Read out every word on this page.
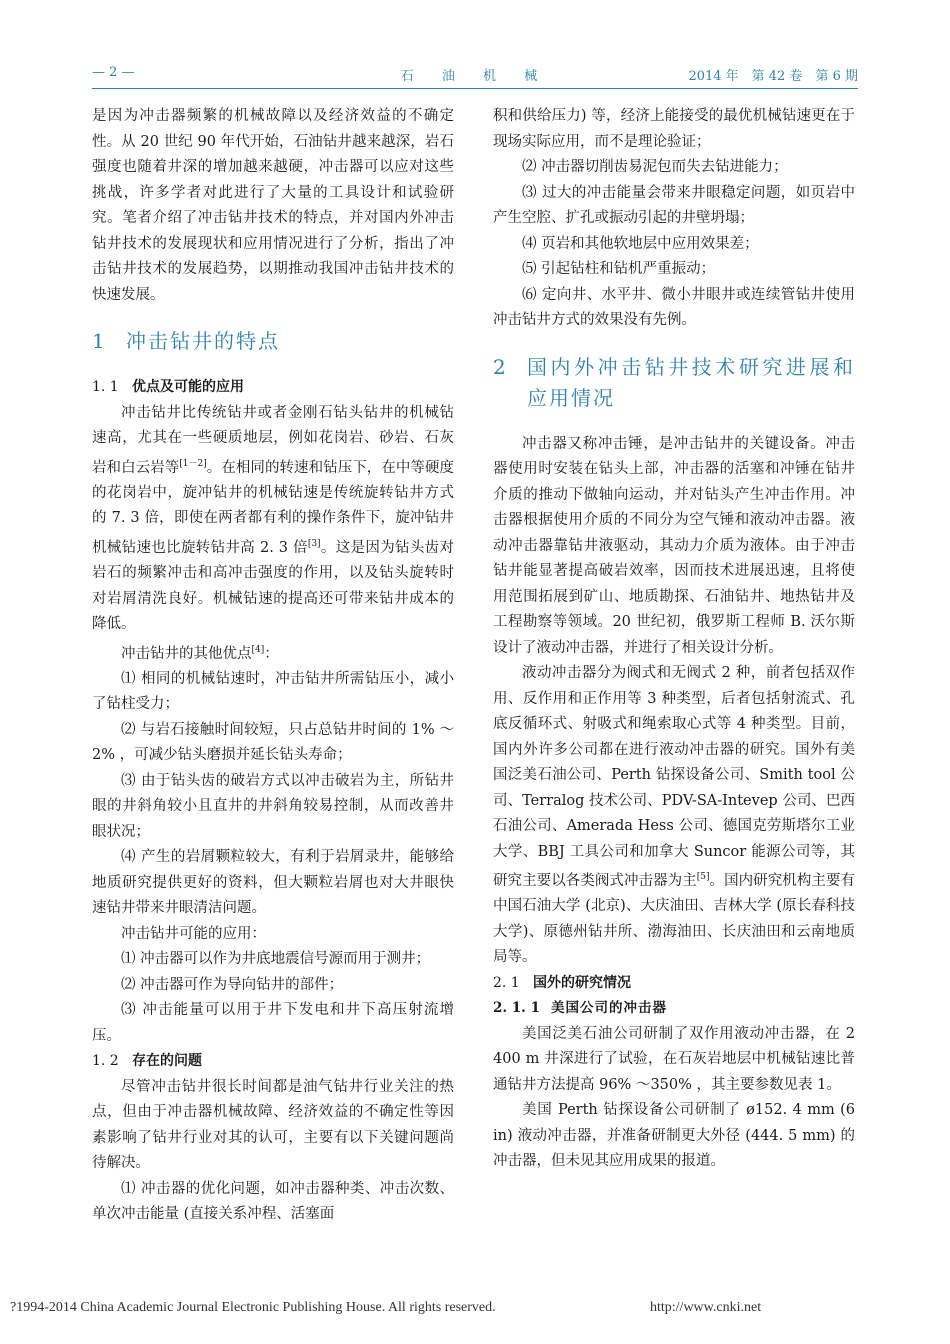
— 2 —	石 油 机 械	2014 年　第 42 卷　第 6 期

是因为冲击器频繁的机械故障以及经济效益的不确定性。从 20 世纪 90 年代开始，石油钻井越来越深，岩石强度也随着井深的增加越来越硬，冲击器可以应对这些挑战，许多学者对此进行了大量的工具设计和试验研究。笔者介绍了冲击钻井技术的特点，并对国内外冲击钻井技术的发展现状和应用情况进行了分析，指出了冲击钻井技术的发展趋势，以期推动我国冲击钻井技术的快速发展。

1	冲击钻井的特点
1. 1 优点及可能的应用

冲击钻井比传统钻井或者金刚石钻头钻井的机械钻速高，尤其在一些硬质地层，例如花岗岩、砂岩、石灰岩和白云岩等[1－2]。在相同的转速和钻压下，在中等硬度的花岗岩中，旋冲钻井的机械钻速是传统旋转钻井方式的 7. 3 倍，即使在两者都有利的操作条件下，旋冲钻井机械钻速也比旋转钻井高 2. 3 倍[3]。这是因为钻头齿对岩石的频繁冲击和高冲击强度的作用，以及钻头旋转时对岩屑清洗良好。机械钻速的提高还可带来钻井成本的降低。

冲击钻井的其他优点[4]：

⑴ 相同的机械钻速时，冲击钻井所需钻压小，减小了钻柱受力；

⑵ 与岩石接触时间较短，只占总钻井时间的 1% ～2% ，可减少钻头磨损并延长钻头寿命；

⑶ 由于钻头齿的破岩方式以冲击破岩为主，所钻井眼的井斜角较小且直井的井斜角较易控制，从而改善井眼状况；

⑷ 产生的岩屑颗粒较大，有利于岩屑录井，能够给地质研究提供更好的资料，但大颗粒岩屑也对大井眼快速钻井带来井眼清洁问题。

冲击钻井可能的应用：

⑴ 冲击器可以作为井底地震信号源而用于测井；

⑵ 冲击器可作为导向钻井的部件；

⑶ 冲击能量可以用于井下发电和井下高压射流增压。

1. 2 存在的问题

尽管冲击钻井很长时间都是油气钻井行业关注的热点，但由于冲击器机械故障、经济效益的不确定性等因素影响了钻井行业对其的认可，主要有以下关键问题尚待解决。

⑴ 冲击器的优化问题，如冲击器种类、冲击次数、单次冲击能量 (直接关系冲程、活塞面

积和供给压力) 等，经济上能接受的最优机械钻速更在于现场实际应用，而不是理论验证；

⑵ 冲击器切削齿易泥包而失去钻进能力；

⑶ 过大的冲击能量会带来井眼稳定问题，如页岩中产生空腔、扩孔或振动引起的井壁坍塌；

⑷ 页岩和其他软地层中应用效果差；

⑸ 引起钻柱和钻机严重振动；

⑹ 定向井、水平井、微小井眼井或连续管钻井使用冲击钻井方式的效果没有先例。

2	国内外冲击钻井技术研究进展和应用情况

冲击器又称冲击锤，是冲击钻井的关键设备。冲击器使用时安装在钻头上部，冲击器的活塞和冲锤在钻井介质的推动下做轴向运动，并对钻头产生冲击作用。冲击器根据使用介质的不同分为空气锤和液动冲击器。液动冲击器靠钻井液驱动，其动力介质为液体。由于冲击钻井能显著提高破岩效率，因而技术进展迅速，且将使用范围拓展到矿山、地质勘探、石油钻井、地热钻井及工程勘察等领域。20 世纪初，俄罗斯工程师 B. 沃尔斯设计了液动冲击器，并进行了相关设计分析。

液动冲击器分为阀式和无阀式 2 种，前者包括双作用、反作用和正作用等 3 种类型，后者包括射流式、孔底反循环式、射吸式和绳索取心式等 4 种类型。目前，国内外许多公司都在进行液动冲击器的研究。国外有美国泛美石油公司、Perth 钻探设备公司、Smith tool 公司、Terralog 技术公司、PDV-SA-Intevep 公司、巴西石油公司、Amerada Hess 公司、德国克劳斯塔尔工业大学、BBJ 工具公司和加拿大 Suncor 能源公司等，其研究主要以各类阀式冲击器为主[5]。国内研究机构主要有中国石油大学 (北京)、大庆油田、吉林大学 (原长春科技大学)、原德州钻井所、渤海油田、长庆油田和云南地质局等。

2. 1 国外的研究情况
2. 1. 1 美国公司的冲击器

美国泛美石油公司研制了双作用液动冲击器，在 2 400 m 井深进行了试验，在石灰岩地层中机械钻速比普通钻井方法提高 96% ～350% ，其主要参数见表 1。

美国 Perth 钻探设备公司研制了 ø152. 4 mm (6 in) 液动冲击器，并准备研制更大外径 (444. 5 mm) 的冲击器，但未见其应用成果的报道。

?1994-2014 China Academic Journal Electronic Publishing House. All rights reserved.	http://www.cnki.net
